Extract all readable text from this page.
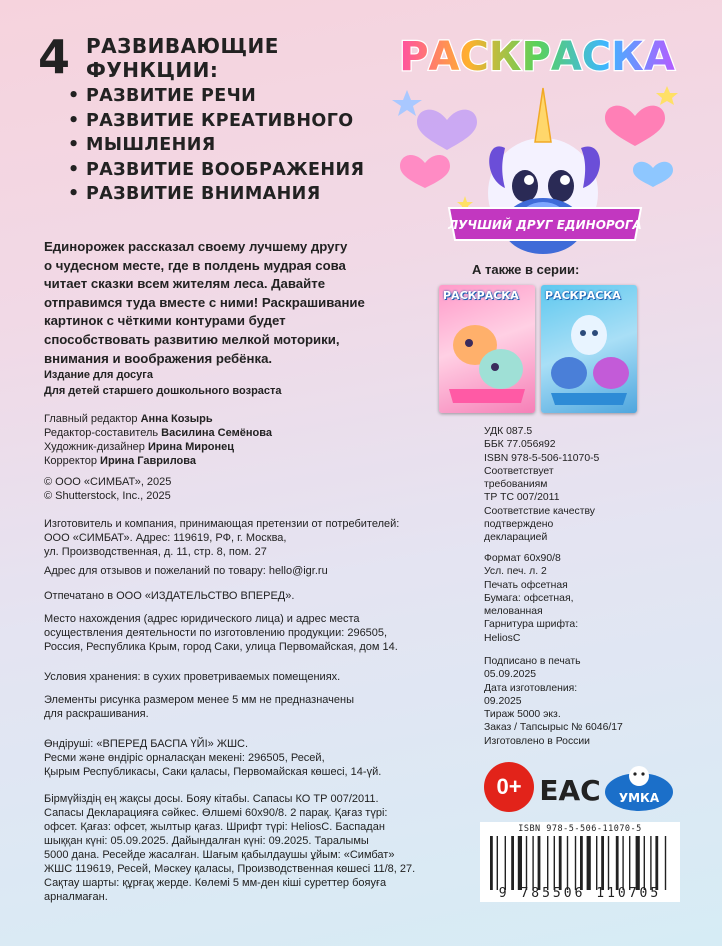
4 РАЗВИВАЮЩИЕ
ФУНКЦИИ:
• РАЗВИТИЕ РЕЧИ
• РАЗВИТИЕ КРЕАТИВНОГО
• МЫШЛЕНИЯ
• РАЗВИТИЕ ВООБРАЖЕНИЯ
• РАЗВИТИЕ ВНИМАНИЯ
Единорожек рассказал своему лучшему другу
о чудесном месте, где в полдень мудрая сова
читает сказки всем жителям леса. Давайте
отправимся туда вместе с ними! Раскрашивание
картинок с чёткими контурами будет
способствовать развитию мелкой моторики,
внимания и воображения ребёнка.
Издание для досуга
Для детей старшего дошкольного возраста
Главный редактор Анна Козырь
Редактор-составитель Василина Семёнова
Художник-дизайнер Ирина Миронец
Корректор Ирина Гаврилова
© ООО «СИМБАТ», 2025
© Shutterstock, Inc., 2025
Изготовитель и компания, принимающая претензии от потребителей:
ООО «СИМБАТ». Адрес: 119619, РФ, г. Москва,
ул. Производственная, д. 11, стр. 8, пом. 27
Адрес для отзывов и пожеланий по товару: hello@igr.ru
Отпечатано в ООО «ИЗДАТЕЛЬСТВО ВПЕРЕД».
Место нахождения (адрес юридического лица) и адрес места
осуществления деятельности по изготовлению продукции: 296505,
Россия, Республика Крым, город Саки, улица Первомайская, дом 14.
Условия хранения: в сухих проветриваемых помещениях.
Элементы рисунка размером менее 5 мм не предназначены
для раскрашивания.
Өндіруші: «ВПЕРЕД БАСПА ҮЙІ» ЖШС.
Ресми және өндіріс орналасқан мекені: 296505, Ресей,
Қырым Республикасы, Саки қаласы, Первомайская көшесі, 14-үй.
Бірмүйіздің ең жақсы досы. Бояу кітабы. Сапасы КО ТР 007/2011.
Сапасы Декларацияға сәйкес. Өлшемі 60х90/8. 2 парақ. Қағаз түрі:
офсет. Қағаз: офсет, жылтыр қағаз. Шрифт түрі: HeliosC. Баспадан
шыққан күні: 05.09.2025. Дайындалған күні: 09.2025. Таралымы
5000 дана. Ресейде жасалған. Шағым қабылдаушы ұйым: «Симбат»
ЖШС 119619, Ресей, Мәскеу қаласы, Производственная көшесі 11/8, 27.
Сақтау шарты: құрғақ жерде. Көлемі 5 мм-ден кіші суреттер бояуға
арналмаған.
РАСКРАСКА
ЛУЧШИЙ ДРУГ ЕДИНОРОГА
А также в серии:
РАСКРАСКА РАСКРАСКА
УДК 087.5
ББК 77.056я92
ISBN 978-5-506-11070-5
Соответствует
требованиям
ТР ТС 007/2011
Соответствие качеству
подтверждено
декларацией
Формат 60х90/8
Усл. печ. л. 2
Печать офсетная
Бумага: офсетная,
мелованная
Гарнитура шрифта:
HeliosC
Подписано в печать
05.09.2025
Дата изготовления:
09.2025
Тираж 5000 экз.
Заказ / Тапсырыс № 6046/17
Изготовлено в России
0+ EAC УМКА
ISBN 978-5-506-11070-5
9 785506 110705
